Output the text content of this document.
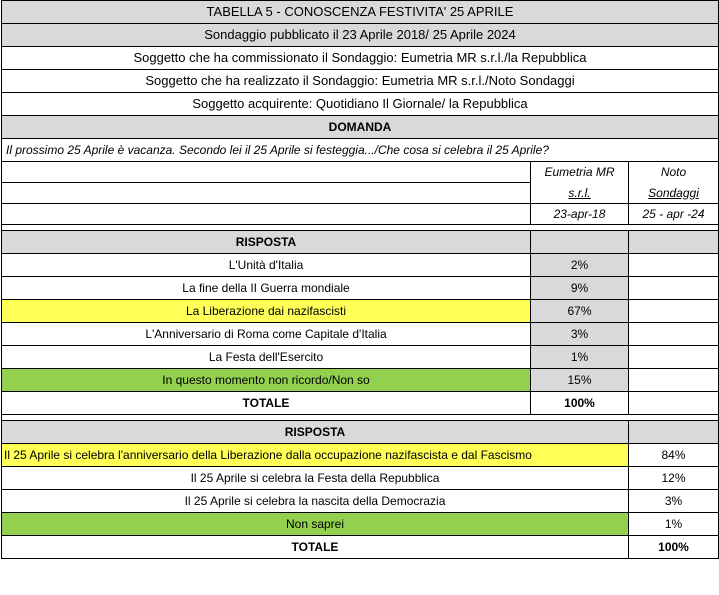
TABELLA 5 - CONOSCENZA FESTIVITA' 25 APRILE		
Sondaggio pubblicato il 23 Aprile 2018/ 25 Aprile 2024		
Soggetto che ha commissionato il Sondaggio: Eumetria MR s.r.l./la Repubblica		
Soggetto che ha realizzato il Sondaggio: Eumetria MR s.r.l./Noto Sondaggi		
Soggetto acquirente: Quotidiano Il Giornale/ la Repubblica		
DOMANDA		
Il prossimo 25 Aprile è vacanza. Secondo lei il 25 Aprile si festeggia.../Che cosa si celebra il 25 Aprile?		
	Eumetria MR	Noto
	s.r.l.	Sondaggi
	23-apr-18	25 - apr -24

RISPOSTA		
L'Unità d'Italia	2%	
La fine della II Guerra mondiale	9%	
La Liberazione dai nazifascisti	67%	
L'Anniversario di Roma come Capitale d'Italia	3%	
La Festa dell'Esercito	1%	
In questo momento non ricordo/Non so	15%	
TOTALE	100%	

RISPOSTA		
Il 25 Aprile si celebra l'anniversario della Liberazione dalla occupazione nazifascista e dal Fascismo		84%
Il 25 Aprile si celebra la Festa della Repubblica		12%
Il 25 Aprile si celebra la nascita della Democrazia		3%
Non saprei		1%
TOTALE		100%
